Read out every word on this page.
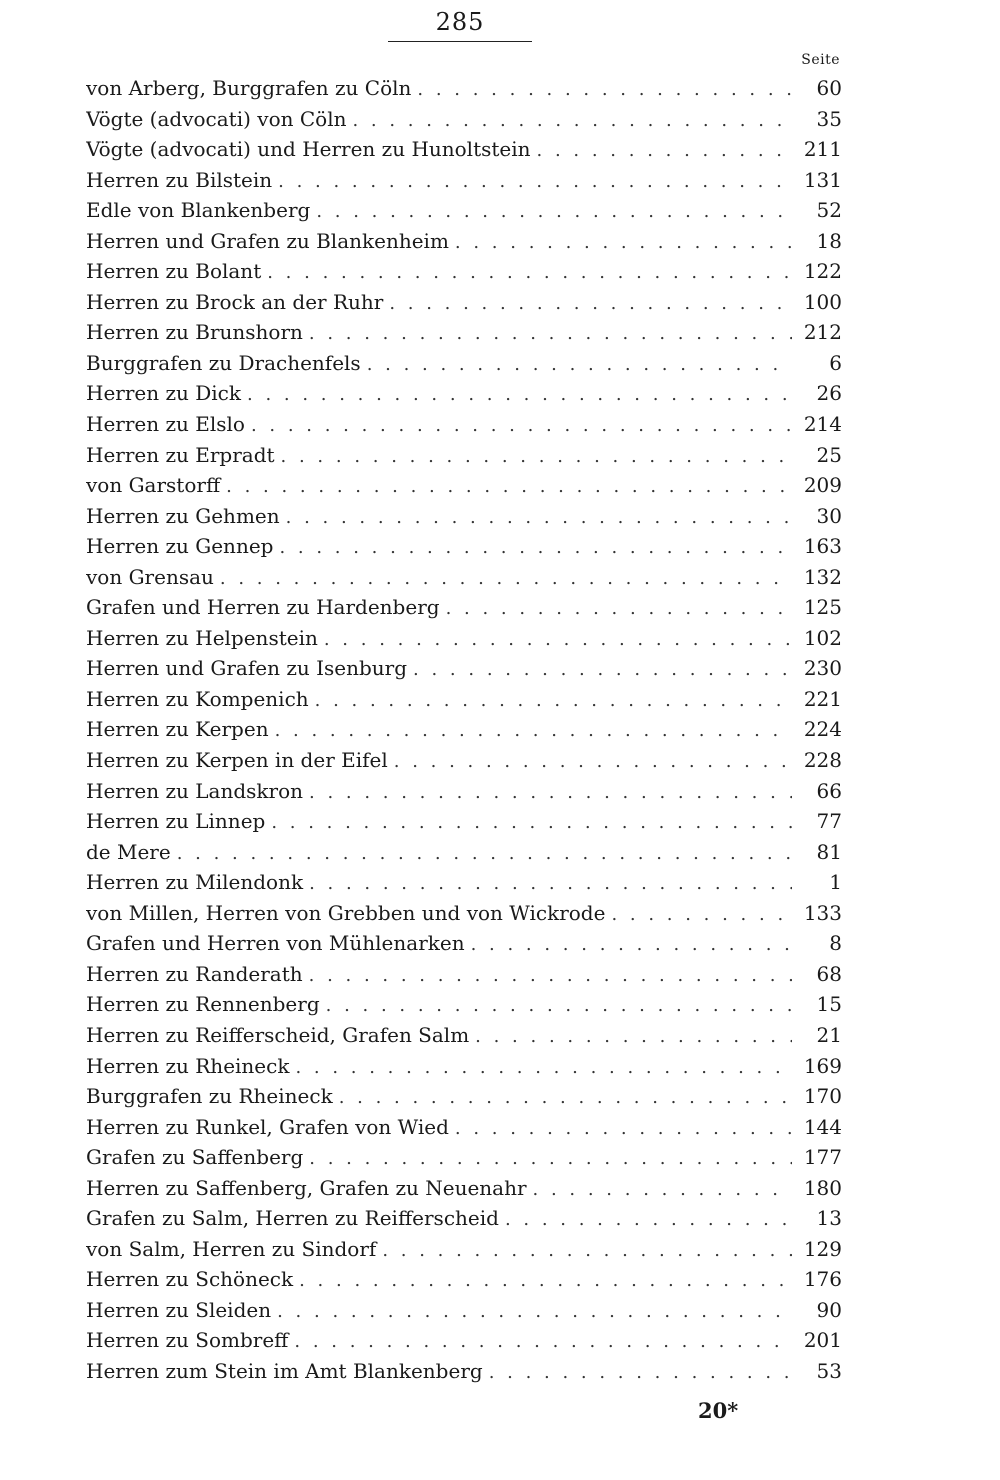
285
Seite
von Arberg, Burggrafen zu Cöln . . .	60
Vögte (advocati) von Cöln . . .	35
Vögte (advocati) und Herren zu Hunoltstein . . .	211
Herren zu Bilstein . . .	131
Edle von Blankenberg . . .	52
Herren und Grafen zu Blankenheim . . .	18
Herren zu Bolant . . .	122
Herren zu Brock an der Ruhr . . .	100
Herren zu Brunshorn . . .	212
Burggrafen zu Drachenfels . . .	6
Herren zu Dick . . .	26
Herren zu Elslo . . .	214
Herren zu Erpradt . . .	25
von Garstorff . . .	209
Herren zu Gehmen . . .	30
Herren zu Gennep . . .	163
von Grensau . . .	132
Grafen und Herren zu Hardenberg . . .	125
Herren zu Helpenstein . . .	102
Herren und Grafen zu Isenburg . . .	230
Herren zu Kompenich . . .	221
Herren zu Kerpen . . .	224
Herren zu Kerpen in der Eifel . . .	228
Herren zu Landskron . . .	66
Herren zu Linnep . . .	77
de Mere . . .	81
Herren zu Milendonk . . .	1
von Millen, Herren von Grebben und von Wickrode . . .	133
Grafen und Herren von Mühlenarken . . .	8
Herren zu Randerath . . .	68
Herren zu Rennenberg . . .	15
Herren zu Reifferscheid, Grafen Salm . . .	21
Herren zu Rheineck . . .	169
Burggrafen zu Rheineck . . .	170
Herren zu Runkel, Grafen von Wied . . .	144
Grafen zu Saffenberg . . .	177
Herren zu Saffenberg, Grafen zu Neuenahr . . .	180
Grafen zu Salm, Herren zu Reifferscheid . . .	13
von Salm, Herren zu Sindorf . . .	129
Herren zu Schöneck . . .	176
Herren zu Sleiden . . .	90
Herren zu Sombreff . . .	201
Herren zum Stein im Amt Blankenberg . . .	53
20*
